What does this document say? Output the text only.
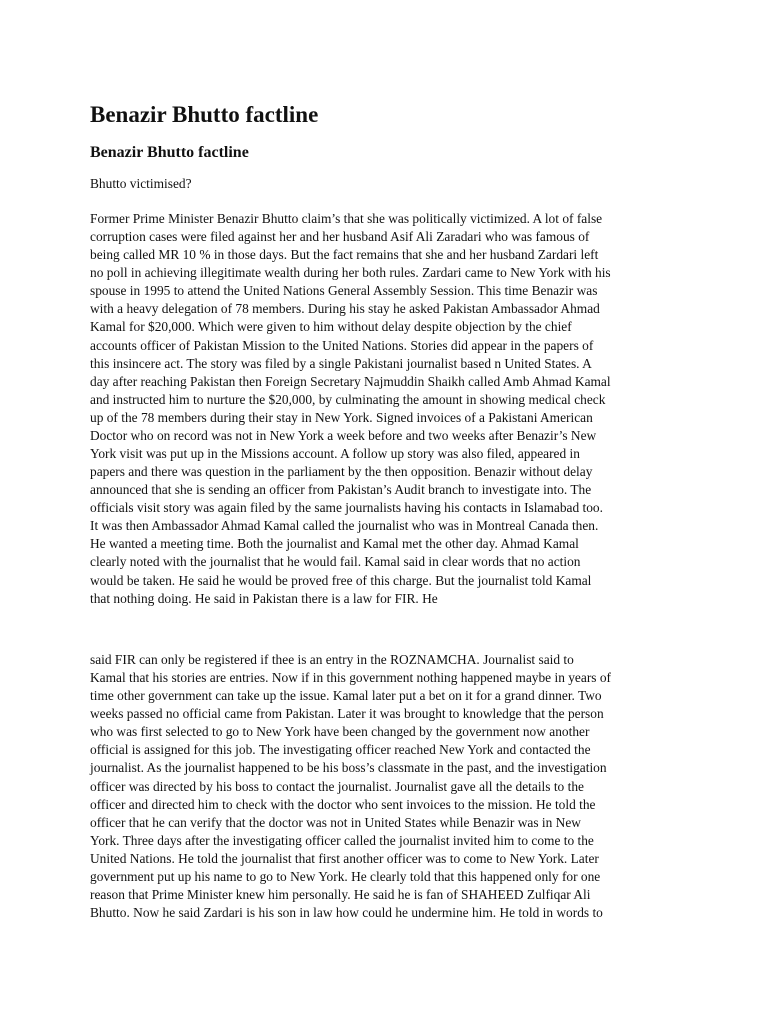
Benazir Bhutto factline
Benazir Bhutto factline

Bhutto victimised?

Former Prime Minister Benazir Bhutto claim’s that she was politically victimized. A lot of false
corruption cases were filed against her and her husband Asif Ali Zaradari who was famous of
being called MR 10 % in those days. But the fact remains that she and her husband Zardari left
no poll in achieving illegitimate wealth during her both rules. Zardari came to New York with his
spouse in 1995 to attend the United Nations General Assembly Session. This time Benazir was
with a heavy delegation of 78 members. During his stay he asked Pakistan Ambassador Ahmad
Kamal for $20,000. Which were given to him without delay despite objection by the chief
accounts officer of Pakistan Mission to the United Nations. Stories did appear in the papers of
this insincere act. The story was filed by a single Pakistani journalist based n United States. A
day after reaching Pakistan then Foreign Secretary Najmuddin Shaikh called Amb Ahmad Kamal
and instructed him to nurture the $20,000, by culminating the amount in showing medical check
up of the 78 members during their stay in New York. Signed invoices of a Pakistani American
Doctor who on record was not in New York a week before and two weeks after Benazir’s New
York visit was put up in the Missions account. A follow up story was also filed, appeared in
papers and there was question in the parliament by the then opposition. Benazir without delay
announced that she is sending an officer from Pakistan’s Audit branch to investigate into. The
officials visit story was again filed by the same journalists having his contacts in Islamabad too.
It was then Ambassador Ahmad Kamal called the journalist who was in Montreal Canada then.
He wanted a meeting time. Both the journalist and Kamal met the other day. Ahmad Kamal
clearly noted with the journalist that he would fail. Kamal said in clear words that no action
would be taken. He said he would be proved free of this charge. But the journalist told Kamal
that nothing doing. He said in Pakistan there is a law for FIR. He
said FIR can only be registered if thee is an entry in the ROZNAMCHA. Journalist said to
Kamal that his stories are entries. Now if in this government nothing happened maybe in years of
time other government can take up the issue. Kamal later put a bet on it for a grand dinner. Two
weeks passed no official came from Pakistan. Later it was brought to knowledge that the person
who was first selected to go to New York have been changed by the government now another
official is assigned for this job. The investigating officer reached New York and contacted the
journalist. As the journalist happened to be his boss’s classmate in the past, and the investigation
officer was directed by his boss to contact the journalist. Journalist gave all the details to the
officer and directed him to check with the doctor who sent invoices to the mission. He told the
officer that he can verify that the doctor was not in United States while Benazir was in New
York. Three days after the investigating officer called the journalist invited him to come to the
United Nations. He told the journalist that first another officer was to come to New York. Later
government put up his name to go to New York. He clearly told that this happened only for one
reason that Prime Minister knew him personally. He said he is fan of SHAHEED Zulfiqar Ali
Bhutto. Now he said Zardari is his son in law how could he undermine him. He told in words to
